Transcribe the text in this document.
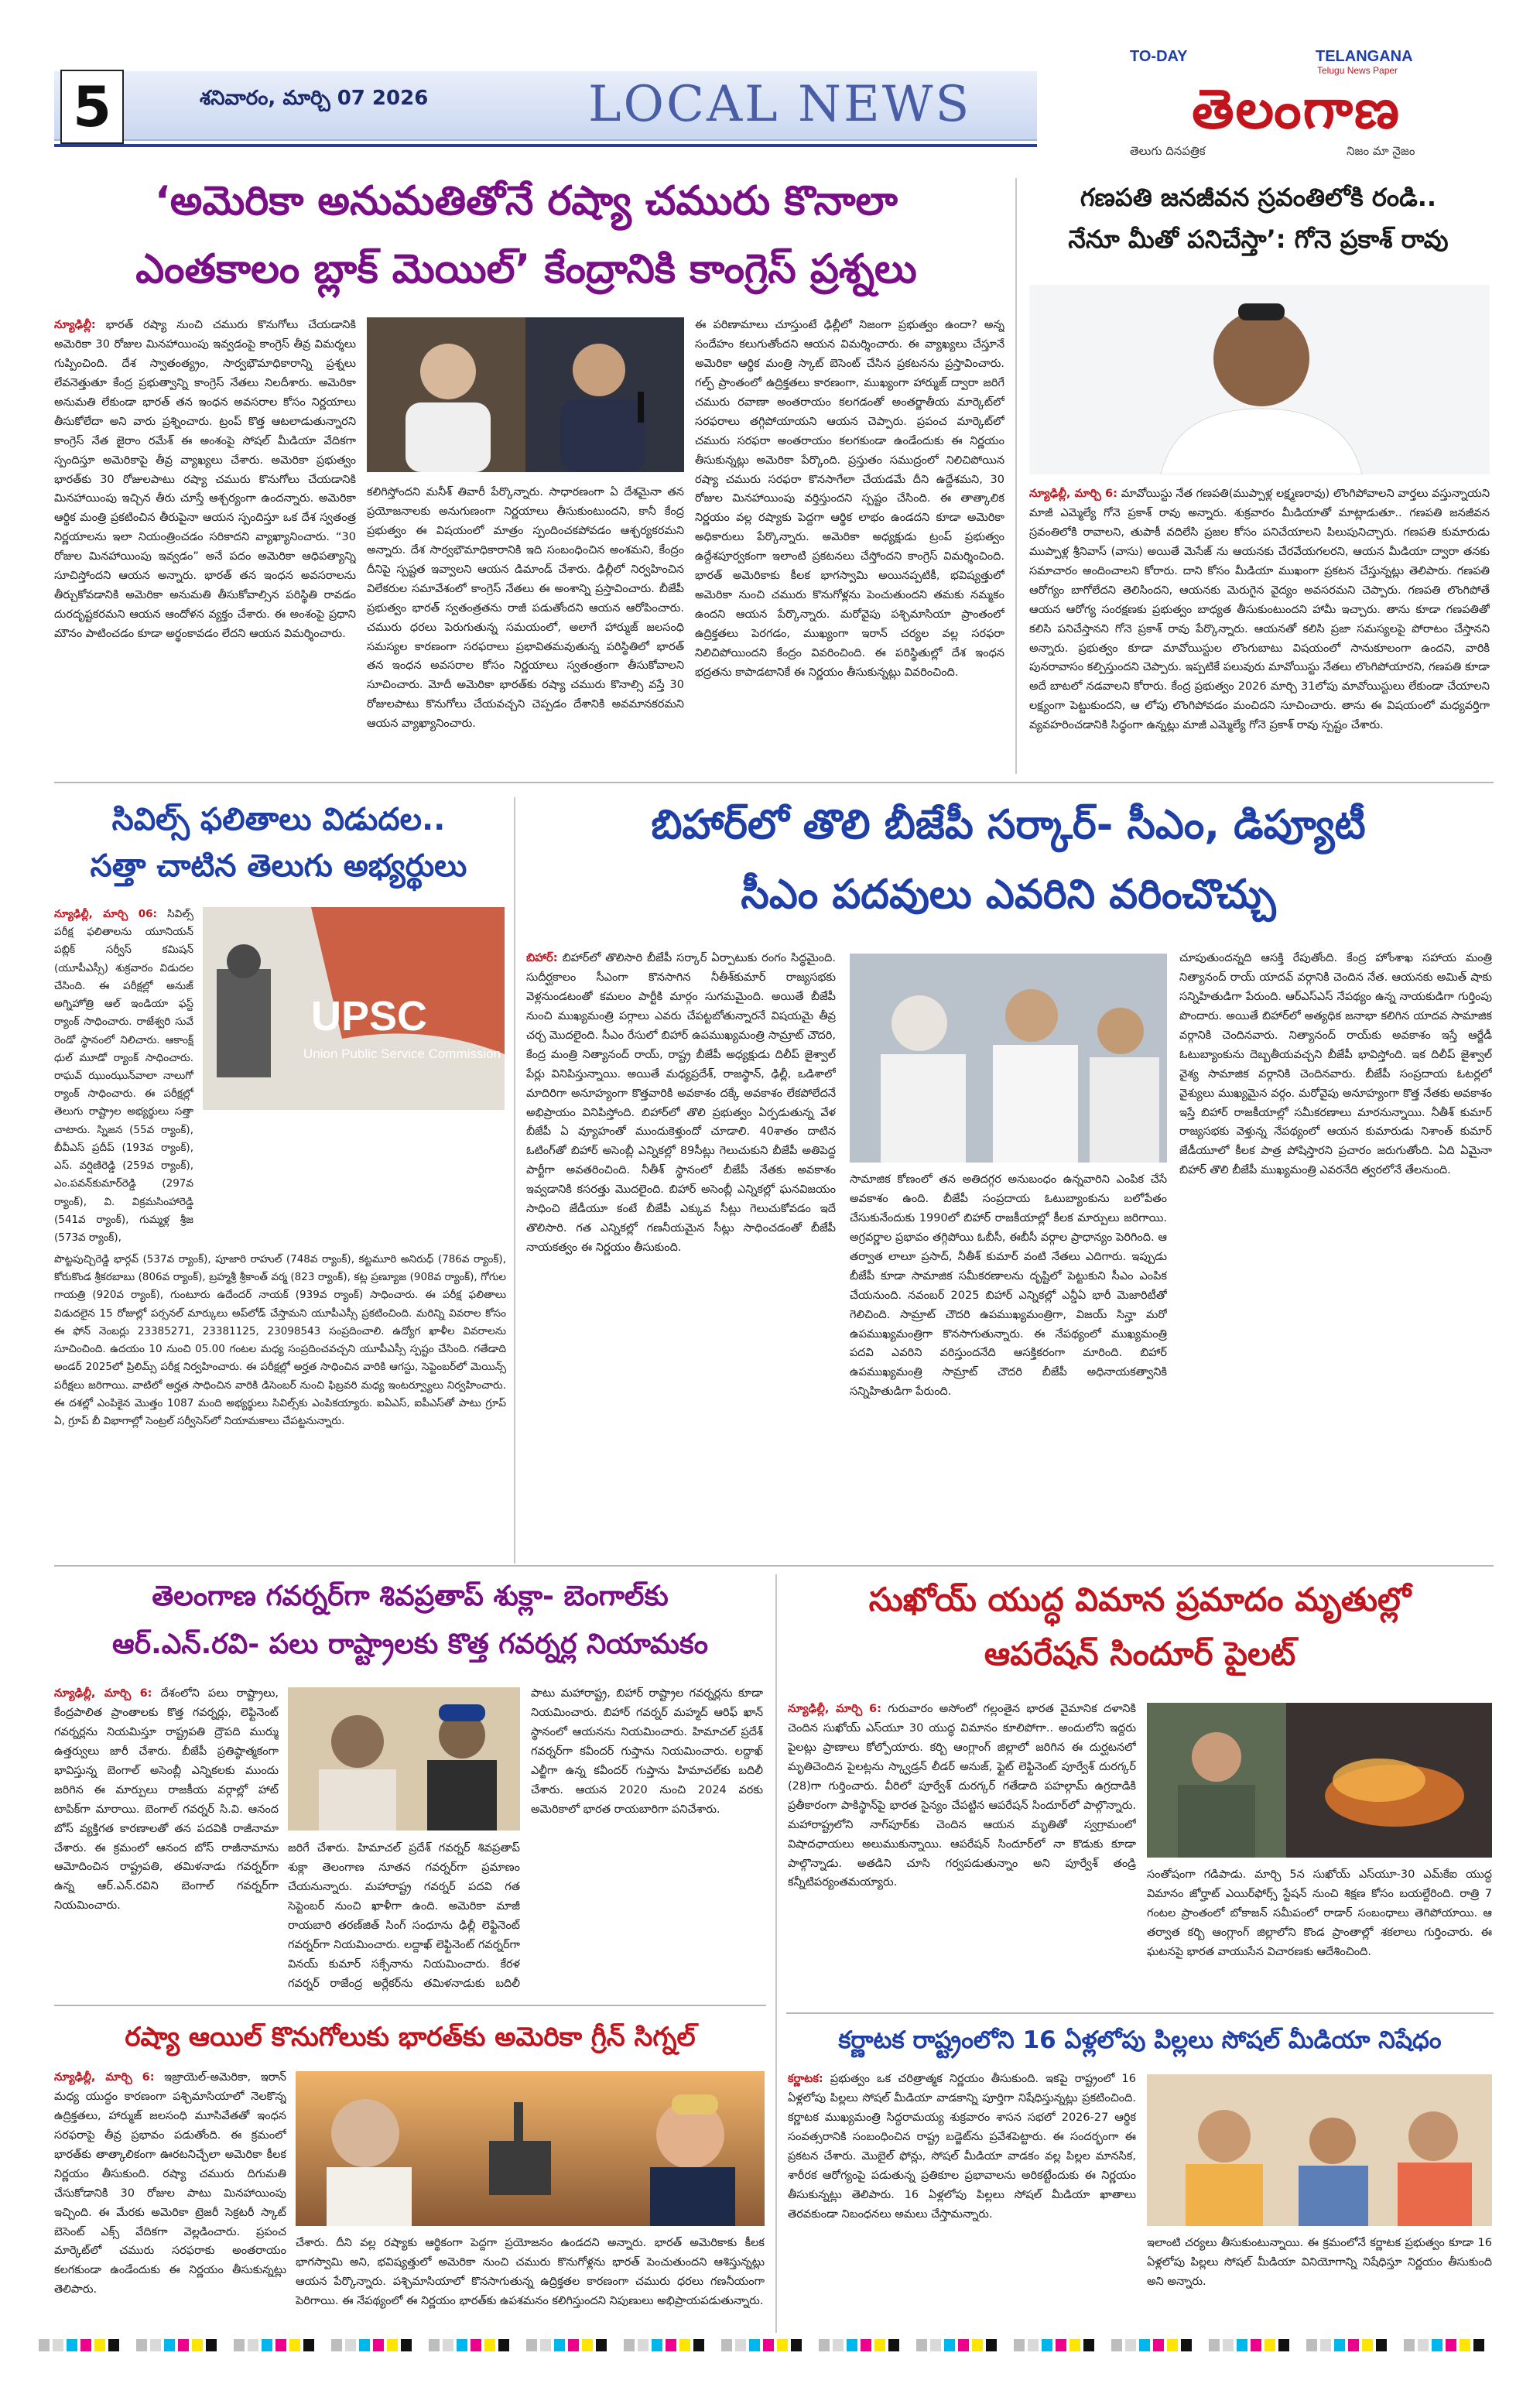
5	శనివారం, మార్చి 07 2026	LOCAL NEWS
TO-DAY	TELANGANA
Telugu News Paper
తెలంగాణ
తెలుగు దినపత్రిక	నిజం మా నైజం
‘అమెరికా అనుమతితోనే రష్యా చమురు కొనాలా
ఎంతకాలం బ్లాక్ మెయిల్’ కేంద్రానికి కాంగ్రెస్ ప్రశ్నలు
న్యూఢిల్లీ: భారత్ రష్యా నుంచి చమురు కొనుగోలు చేయడానికి అమెరికా 30 రోజుల మినహాయింపు ఇవ్వడంపై కాంగ్రెస్ తీవ్ర విమర్శలు గుప్పించింది. దేశ స్వాతంత్య్రం, సార్వభౌమాధికారాన్ని ప్రశ్నలు లేవనెత్తుతూ కేంద్ర ప్రభుత్వాన్ని కాంగ్రెస్ నేతలు నిలదీశారు. అమెరికా అనుమతి లేకుండా భారత్ తన ఇంధన అవసరాల కోసం నిర్ణయాలు తీసుకోలేదా అని వారు ప్రశ్నించారు. ట్రంప్ కొత్త ఆటలాడుతున్నారని కాంగ్రెస్ నేత జైరాం రమేశ్ ఈ అంశంపై సోషల్ మీడియా వేదికగా స్పందిస్తూ అమెరికాపై తీవ్ర వ్యాఖ్యలు చేశారు. అమెరికా ప్రభుత్వం భారత్‌కు 30 రోజులపాటు రష్యా చమురు కొనుగోలు చేయడానికి మినహాయింపు ఇచ్చిన తీరు చూస్తే ఆశ్చర్యంగా ఉందన్నారు. అమెరికా ఆర్థిక మంత్రి ప్రకటించిన తీరుపైనా ఆయన స్పందిస్తూ ఒక దేశ స్వతంత్ర నిర్ణయాలను ఇలా నియంత్రించడం సరికాదని వ్యాఖ్యానించారు. “30 రోజుల మినహాయింపు ఇవ్వడం” అనే పదం అమెరికా ఆధిపత్యాన్ని సూచిస్తోందని ఆయన అన్నారు. భారత్ తన ఇంధన అవసరాలను తీర్చుకోవడానికి అమెరికా అనుమతి తీసుకోవాల్సిన పరిస్థితి రావడం దురదృష్టకరమని ఆయన ఆందోళన వ్యక్తం చేశారు. ఈ అంశంపై ప్రధాని మౌనం పాటించడం కూడా అర్థంకావడం లేదని ఆయన విమర్శించారు.
కలిగిస్తోందని మనీశ్ తివారీ పేర్కొన్నారు. సాధారణంగా ఏ దేశమైనా తన ప్రయోజనాలకు అనుగుణంగా నిర్ణయాలు తీసుకుంటుందని, కానీ కేంద్ర ప్రభుత్వం ఈ విషయంలో మాత్రం స్పందించకపోవడం ఆశ్చర్యకరమని అన్నారు. దేశ సార్వభౌమాధికారానికి ఇది సంబంధించిన అంశమని, కేంద్రం దీనిపై స్పష్టత ఇవ్వాలని ఆయన డిమాండ్ చేశారు. ఢిల్లీలో నిర్వహించిన విలేకరుల సమావేశంలో కాంగ్రెస్ నేతలు ఈ అంశాన్ని ప్రస్తావించారు. బీజేపీ ప్రభుత్వం భారత్ స్వతంత్రతను రాజీ పడుతోందని ఆయన ఆరోపించారు. చమురు ధరలు పెరుగుతున్న సమయంలో, అలాగే హార్ముజ్ జలసంధి సమస్యల కారణంగా సరఫరాలు ప్రభావితమవుతున్న పరిస్థితిలో భారత్ తన ఇంధన అవసరాల కోసం నిర్ణయాలు స్వతంత్రంగా తీసుకోవాలని సూచించారు. మోదీ అమెరికా భారత్‌కు రష్యా చమురు కొనాల్సి వస్తే 30 రోజులపాటు కొనుగోలు చేయవచ్చని చెప్పడం దేశానికి అవమానకరమని ఆయన వ్యాఖ్యానించారు.
ఈ పరిణామాలు చూస్తుంటే ఢిల్లీలో నిజంగా ప్రభుత్వం ఉందా? అన్న సందేహం కలుగుతోందని ఆయన విమర్శించారు. ఈ వ్యాఖ్యలు చేస్తూనే అమెరికా ఆర్థిక మంత్రి స్కాట్ బెసెంట్ చేసిన ప్రకటనను ప్రస్తావించారు. గల్ఫ్ ప్రాంతంలో ఉద్రిక్తతలు కారణంగా, ముఖ్యంగా హార్ముజ్ ద్వారా జరిగే చమురు రవాణా అంతరాయం కలగడంతో అంతర్జాతీయ మార్కెట్‌లో సరఫరాలు తగ్గిపోయాయని ఆయన చెప్పారు. ప్రపంచ మార్కెట్‌లో చమురు సరఫరా అంతరాయం కలగకుండా ఉండేందుకు ఈ నిర్ణయం తీసుకున్నట్లు అమెరికా పేర్కొంది. ప్రస్తుతం సముద్రంలో నిలిచిపోయిన రష్యా చమురు సరఫరా కొనసాగేలా చేయడమే దీని ఉద్దేశమని, 30 రోజుల మినహాయింపు వర్తిస్తుందని స్పష్టం చేసింది. ఈ తాత్కాలిక నిర్ణయం వల్ల రష్యాకు పెద్దగా ఆర్థిక లాభం ఉండదని కూడా అమెరికా అధికారులు పేర్కొన్నారు. అమెరికా అధ్యక్షుడు ట్రంప్ ప్రభుత్వం ఉద్దేశపూర్వకంగా ఇలాంటి ప్రకటనలు చేస్తోందని కాంగ్రెస్ విమర్శించింది. భారత్ అమెరికాకు కీలక భాగస్వామి అయినప్పటికీ, భవిష్యత్తులో అమెరికా నుంచి చమురు కొనుగోళ్లను పెంచుతుందని తమకు నమ్మకం ఉందని ఆయన పేర్కొన్నారు. మరోవైపు పశ్చిమాసియా ప్రాంతంలో ఉద్రిక్తతలు పెరగడం, ముఖ్యంగా ఇరాన్ చర్యల వల్ల సరఫరా నిలిచిపోయిందని కేంద్రం వివరించింది. ఈ పరిస్థితుల్లో దేశ ఇంధన భద్రతను కాపాడటానికే ఈ నిర్ణయం తీసుకున్నట్లు వివరించింది.
గణపతి జనజీవన స్రవంతిలోకి రండి..
నేనూ మీతో పనిచేస్తా’: గోనె ప్రకాశ్ రావు
న్యూఢిల్లీ, మార్చి 6: మావోయిస్టు నేత గణపతి(ముప్పాళ్ల లక్ష్మణరావు) లొంగిపోవాలని వార్తలు వస్తున్నాయని మాజీ ఎమ్మెల్యే గోనె ప్రకాశ్ రావు అన్నారు. శుక్రవారం మీడియాతో మాట్లాడుతూ.. గణపతి జనజీవన స్రవంతిలోకి రావాలని, తుపాకీ వదిలేసి ప్రజల కోసం పనిచేయాలని పిలుపునిచ్చారు. గణపతి కుమారుడు ముప్పాళ్ల శ్రీనివాస్ (వాసు) అయితే మెసేజ్ ను ఆయనకు చేరవేయగలరని, ఆయన మీడియా ద్వారా తనకు సమాచారం అందించాలని కోరారు. దాని కోసం మీడియా ముఖంగా ప్రకటన చేస్తున్నట్లు తెలిపారు. గణపతి ఆరోగ్యం బాగోలేదని తెలిసిందని, ఆయనకు మెరుగైన వైద్యం అవసరమని చెప్పారు. గణపతి లొంగిపోతే ఆయన ఆరోగ్య సంరక్షణకు ప్రభుత్వం బాధ్యత తీసుకుంటుందని హామీ ఇచ్చారు. తాను కూడా గణపతితో కలిసి పనిచేస్తానని గోనె ప్రకాశ్ రావు పేర్కొన్నారు. ఆయనతో కలిసి ప్రజా సమస్యలపై పోరాటం చేస్తానని అన్నారు. ప్రభుత్వం కూడా మావోయిస్టుల లొంగుబాటు విషయంలో సానుకూలంగా ఉందని, వారికి పునరావాసం కల్పిస్తుందని చెప్పారు. ఇప్పటికే పలువురు మావోయిస్టు నేతలు లొంగిపోయారని, గణపతి కూడా అదే బాటలో నడవాలని కోరారు. కేంద్ర ప్రభుత్వం 2026 మార్చి 31లోపు మావోయిస్టులు లేకుండా చేయాలని లక్ష్యంగా పెట్టుకుందని, ఆ లోపు లొంగిపోవడం మంచిదని సూచించారు. తాను ఈ విషయంలో మధ్యవర్తిగా వ్యవహరించడానికి సిద్ధంగా ఉన్నట్లు మాజీ ఎమ్మెల్యే గోనె ప్రకాశ్ రావు స్పష్టం చేశారు.
సివిల్స్ ఫలితాలు విడుదల..
సత్తా చాటిన తెలుగు అభ్యర్థులు
న్యూఢిల్లీ, మార్చి 06: సివిల్స్ పరీక్ష ఫలితాలను యూనియన్ పబ్లిక్ సర్వీస్ కమిషన్ (యూపీఎస్సీ) శుక్రవారం విడుదల చేసింది. ఈ పరీక్షల్లో అనుజ్ అగ్నిహోత్రి ఆల్ ఇండియా ఫస్ట్ ర్యాంక్ సాధించారు. రాజేశ్వరి సువే రెండో స్థానంలో నిలిచారు. ఆకాంక్ష్ ధుల్ మూడో ర్యాంక్ సాధించారు. రాఘవ్ ఝుంఝున్‌వాలా నాలుగో ర్యాంక్ సాధించారు. ఈ పరీక్షల్లో తెలుగు రాష్ట్రాల అభ్యర్థులు సత్తా చాటారు. స్నిజన (55వ ర్యాంక్), బీవీఎస్ ప్రదీప్ (193వ ర్యాంక్), ఎస్. వర్షిణిరెడ్డి (259వ ర్యాంక్), ఎం.పవన్‌కుమార్‌రెడ్డి (297వ ర్యాంక్), వి. విక్రమసింహారెడ్డి (541వ ర్యాంక్), గుమ్మళ్ల శ్రీజ (573వ ర్యాంక్),
UPSC
Union Public Service Commission
పొట్టపుచ్చిరెడ్డి భార్గవ్ (537వ ర్యాంక్), పూజారి రాహుల్ (748వ ర్యాంక్), కట్టమూరి అనిరుధ్ (786వ ర్యాంక్), కోరుకొండ శ్రీకరబాబు (806వ ర్యాంక్), బ్రహ్మశ్రీ శ్రీకాంత్ వర్మ (823 ర్యాంక్), కట్ల ప్రణ్యూజ (908వ ర్యాంక్), గోగుల గాయత్రి (920వ ర్యాంక్), గుంటూరు ఉదేందర్ నాయక్ (939వ ర్యాంక్) సాధించారు. ఈ పరీక్ష ఫలితాలు విడుదలైన 15 రోజుల్లో పర్సనల్ మార్కులు అప్‌లోడ్ చేస్తామని యూపీఎస్సీ ప్రకటించింది. మరిన్ని వివరాల కోసం ఈ ఫోన్ నెంబర్లు 23385271, 23381125, 23098543 సంప్రదించాలి. ఉద్యోగ ఖాళీల వివరాలను సూచించింది. ఉదయం 10 నుంచి 05.00 గంటల మధ్య సంప్రదించవచ్చని యూపీఎస్సీ స్పష్టం చేసింది. గతేడాది అండర్ 2025లో ప్రిలిమ్స్ పరీక్ష నిర్వహించారు. ఈ పరీక్షల్లో అర్హత సాధించిన వారికి ఆగస్టు, సెప్టెంబర్‌లో మెయిన్స్ పరీక్షలు జరిగాయి. వాటిలో అర్హత సాధించిన వారికి డిసెంబర్ నుంచి ఫిబ్రవరి మధ్య ఇంటర్వ్యూలు నిర్వహించారు. ఈ దశల్లో ఎంపికైన మొత్తం 1087 మంది అభ్యర్థులు సివిల్స్‌కు ఎంపికయ్యారు. ఐఏఎస్, ఐపీఎస్‌తో పాటు గ్రూప్ ఏ, గ్రూప్ బీ విభాగాల్లో సెంట్రల్ సర్వీసెస్‌లో నియామకాలు చేపట్టనున్నారు.
బిహార్‌లో తొలి బీజేపీ సర్కార్- సీఎం, డిప్యూటీ
సీఎం పదవులు ఎవరిని వరించొచ్చు
బిహార్: బిహార్‌లో తొలిసారి బీజేపీ సర్కార్ ఏర్పాటుకు రంగం సిద్ధమైంది. సుదీర్ఘకాలం సీఎంగా కొనసాగిన నీతీశ్‌కుమార్ రాజ్యసభకు వెళ్లనుండటంతో కమలం పార్టీకి మార్గం సుగమమైంది. అయితే బీజేపీ నుంచి ముఖ్యమంత్రి పగ్గాలు ఎవరు చేపట్టబోతున్నారనే విషయమై తీవ్ర చర్చ మొదలైంది. సీఎం రేసులో బిహార్ ఉపముఖ్యమంత్రి సామ్రాట్ చౌదరి, కేంద్ర మంత్రి నిత్యానంద్ రాయ్, రాష్ట్ర బీజేపీ అధ్యక్షుడు దిలీప్ జైశ్వాల్ పేర్లు వినిపిస్తున్నాయి. అయితే మధ్యప్రదేశ్, రాజస్థాన్, ఢిల్లీ, ఒడిశాలో మాదిరిగా అనూహ్యంగా కొత్తవారికి అవకాశం దక్కే అవకాశం లేకపోలేదనే అభిప్రాయం వినిపిస్తోంది. బిహార్‌లో తొలి ప్రభుత్వం ఏర్పడుతున్న వేళ బీజేపీ ఏ వ్యూహంతో ముందుకెళ్తుందో చూడాలి. 40శాతం దాటిన ఓటింగ్‌తో బిహార్ అసెంబ్లీ ఎన్నికల్లో 89సీట్లు గెలుచుకుని బీజేపీ అతిపెద్ద పార్టీగా అవతరించింది. నీతీశ్ స్థానంలో బీజేపీ నేతకు అవకాశం ఇవ్వడానికి కసరత్తు మొదలైంది. బిహార్ అసెంబ్లీ ఎన్నికల్లో ఘనవిజయం సాధించి జేడీయూ కంటే బీజేపీ ఎక్కువ సీట్లు గెలుచుకోవడం ఇదే తొలిసారి. గత ఎన్నికల్లో గణనీయమైన సీట్లు సాధించడంతో బీజేపీ నాయకత్వం ఈ నిర్ణయం తీసుకుంది.
సామాజిక కోణంలో తన అతిదగ్గర అనుబంధం ఉన్నవారిని ఎంపిక చేసే అవకాశం ఉంది. బీజేపీ సంప్రదాయ ఓటుబ్యాంకును బలోపేతం చేసుకునేందుకు 1990లో బిహార్ రాజకీయాల్లో కీలక మార్పులు జరిగాయి. అగ్రవర్ణాల ప్రభావం తగ్గిపోయి ఓబీసీ, ఈబీసీ వర్గాల ప్రాధాన్యం పెరిగింది. ఆ తర్వాత లాలూ ప్రసాద్, నీతీశ్ కుమార్ వంటి నేతలు ఎదిగారు. ఇప్పుడు బీజేపీ కూడా సామాజిక సమీకరణాలను దృష్టిలో పెట్టుకుని సీఎం ఎంపిక చేయనుంది. నవంబర్ 2025 బిహార్ ఎన్నికల్లో ఎన్డీఏ భారీ మెజారిటీతో గెలిచింది. సామ్రాట్ చౌదరి ఉపముఖ్యమంత్రిగా, విజయ్ సిన్హా మరో ఉపముఖ్యమంత్రిగా కొనసాగుతున్నారు. ఈ నేపథ్యంలో ముఖ్యమంత్రి పదవి ఎవరిని వరిస్తుందనేది ఆసక్తికరంగా మారింది. బిహార్ ఉపముఖ్యమంత్రి సామ్రాట్ చౌదరి బీజేపీ అధినాయకత్వానికి సన్నిహితుడిగా పేరుంది.
చూపుతుందన్నది ఆసక్తి రేపుతోంది. కేంద్ర హోంశాఖ సహాయ మంత్రి నిత్యానంద్ రాయ్ యాదవ్ వర్గానికి చెందిన నేత. ఆయనకు అమిత్ షాకు సన్నిహితుడిగా పేరుంది. ఆర్ఎస్ఎస్ నేపథ్యం ఉన్న నాయకుడిగా గుర్తింపు పొందారు. అయితే బిహార్‌లో అత్యధిక జనాభా కలిగిన యాదవ సామాజిక వర్గానికి చెందినవారు. నిత్యానంద్ రాయ్‌కు అవకాశం ఇస్తే ఆర్జేడీ ఓటుబ్యాంకును దెబ్బతీయవచ్చని బీజేపీ భావిస్తోంది. ఇక దిలీప్ జైశ్వాల్ వైశ్య సామాజిక వర్గానికి చెందినవారు. బీజేపీ సంప్రదాయ ఓటర్లలో వైశ్యులు ముఖ్యమైన వర్గం. మరోవైపు అనూహ్యంగా కొత్త నేతకు అవకాశం ఇస్తే బిహార్ రాజకీయాల్లో సమీకరణాలు మారనున్నాయి. నీతీశ్ కుమార్ రాజ్యసభకు వెళ్తున్న నేపథ్యంలో ఆయన కుమారుడు నిశాంత్ కుమార్ జేడీయూలో కీలక పాత్ర పోషిస్తారని ప్రచారం జరుగుతోంది. ఏది ఏమైనా బిహార్ తొలి బీజేపీ ముఖ్యమంత్రి ఎవరనేది త్వరలోనే తేలనుంది.
తెలంగాణ గవర్నర్‌గా శివప్రతాప్ శుక్లా- బెంగాల్‌కు
ఆర్.ఎన్.రవి- పలు రాష్ట్రాలకు కొత్త గవర్నర్ల నియామకం
న్యూఢిల్లీ, మార్చి 6: దేశంలోని పలు రాష్ట్రాలు, కేంద్రపాలిత ప్రాంతాలకు కొత్త గవర్నర్లు, లెఫ్టినెంట్ గవర్నర్లను నియమిస్తూ రాష్ట్రపతి ద్రౌపది ముర్ము ఉత్తర్వులు జారీ చేశారు. బీజేపీ ప్రతిష్ఠాత్మకంగా భావిస్తున్న బెంగాల్ అసెంబ్లీ ఎన్నికలకు ముందు జరిగిన ఈ మార్పులు రాజకీయ వర్గాల్లో హాట్ టాపిక్‌గా మారాయి. బెంగాల్ గవర్నర్ సి.వి. ఆనంద బోస్ వ్యక్తిగత కారణాలతో తన పదవికి రాజీనామా చేశారు. ఈ క్రమంలో ఆనంద బోస్ రాజీనామాను ఆమోదించిన రాష్ట్రపతి, తమిళనాడు గవర్నర్‌గా ఉన్న ఆర్.ఎన్.రవిని బెంగాల్ గవర్నర్‌గా నియమించారు.
జరిగే చేశారు. హిమాచల్ ప్రదేశ్ గవర్నర్ శివప్రతాప్ శుక్లా తెలంగాణ నూతన గవర్నర్‌గా ప్రమాణం చేయనున్నారు. మహారాష్ట్ర గవర్నర్ పదవి గత సెప్టెంబర్ నుంచి ఖాళీగా ఉంది. అమెరికా మాజీ రాయబారి తరణ్‌జిత్ సింగ్ సంధూను ఢిల్లీ లెఫ్టినెంట్ గవర్నర్‌గా నియమించారు. లద్దాఖ్ లెఫ్టినెంట్ గవర్నర్‌గా వినయ్ కుమార్ సక్సేనాను నియమించారు. కేరళ గవర్నర్ రాజేంద్ర అర్లేకర్‌ను తమిళనాడుకు బదిలీ
పాటు మహారాష్ట్ర, బిహార్ రాష్ట్రాల గవర్నర్లను కూడా నియమించారు. బిహార్ గవర్నర్ మహ్మద్ ఆరిఫ్ ఖాన్ స్థానంలో ఆయనను నియమించారు. హిమాచల్ ప్రదేశ్ గవర్నర్‌గా కవీందర్ గుప్తాను నియమించారు. లద్దాఖ్ ఎల్జీగా ఉన్న కవీందర్ గుప్తాను హిమాచల్‌కు బదిలీ చేశారు. ఆయన 2020 నుంచి 2024 వరకు అమెరికాలో భారత రాయబారిగా పనిచేశారు.
రష్యా ఆయిల్ కొనుగోలుకు భారత్‌కు అమెరికా గ్రీన్ సిగ్నల్
న్యూఢిల్లీ, మార్చి 6: ఇజ్రాయెల్-అమెరికా, ఇరాన్ మధ్య యుద్ధం కారణంగా పశ్చిమాసియాలో నెలకొన్న ఉద్రిక్తతలు, హార్ముజ్ జలసంధి మూసివేతతో ఇంధన సరఫరాపై తీవ్ర ప్రభావం పడుతోంది. ఈ క్రమంలో భారత్‌కు తాత్కాలికంగా ఊరటనిచ్చేలా అమెరికా కీలక నిర్ణయం తీసుకుంది. రష్యా చమురు దిగుమతి చేసుకోడానికి 30 రోజుల పాటు మినహాయింపు ఇచ్చింది. ఈ మేరకు అమెరికా ట్రెజరీ సెక్రటరీ స్కాట్ బెసెంట్ ఎక్స్ వేదికగా వెల్లడించారు. ప్రపంచ మార్కెట్‌లో చమురు సరఫరాకు అంతరాయం కలగకుండా ఉండేందుకు ఈ నిర్ణయం తీసుకున్నట్లు తెలిపారు.
చేశారు. దీని వల్ల రష్యాకు ఆర్థికంగా పెద్దగా ప్రయోజనం ఉండదని అన్నారు. భారత్ అమెరికాకు కీలక భాగస్వామి అని, భవిష్యత్తులో అమెరికా నుంచి చమురు కొనుగోళ్లను భారత్ పెంచుతుందని ఆశిస్తున్నట్లు ఆయన పేర్కొన్నారు. పశ్చిమాసియాలో కొనసాగుతున్న ఉద్రిక్తతల కారణంగా చమురు ధరలు గణనీయంగా పెరిగాయి. ఈ నేపథ్యంలో ఈ నిర్ణయం భారత్‌కు ఉపశమనం కలిగిస్తుందని నిపుణులు అభిప్రాయపడుతున్నారు.
సుఖోయ్ యుద్ధ విమాన ప్రమాదం మృతుల్లో
ఆపరేషన్ సిందూర్ పైలట్
న్యూఢిల్లీ, మార్చి 6: గురువారం అసోంలో గల్లంతైన భారత వైమానిక దళానికి చెందిన సుఖోయ్ ఎస్‌యూ 30 యుద్ధ విమానం కూలిపోగా.. అందులోని ఇద్దరు పైలట్లు ప్రాణాలు కోల్పోయారు. కర్బి ఆంగ్లాంగ్ జిల్లాలో జరిగిన ఈ దుర్ఘటనలో మృతిచెందిన పైలట్లను స్క్వాడ్రన్ లీడర్ అనుజ్, ఫ్లైట్ లెఫ్టినెంట్ పూర్వేశ్ దురగ్కర్ (28)గా గుర్తించారు. వీరిలో పూర్వేశ్ దురగ్కర్ గతేడాది పహల్గామ్ ఉగ్రదాడికి ప్రతీకారంగా పాకిస్థాన్‌పై భారత సైన్యం చేపట్టిన ఆపరేషన్ సిందూర్‌లో పాల్గొన్నారు. మహారాష్ట్రలోని నాగ్‌పూర్‌కు చెందిన ఆయన మృతితో స్వగ్రామంలో విషాదఛాయలు అలుముకున్నాయి. ఆపరేషన్ సిందూర్‌లో నా కొడుకు కూడా పాల్గొన్నాడు. అతడిని చూసి గర్వపడుతున్నాం అని పూర్వేశ్ తండ్రి కన్నీటిపర్యంతమయ్యారు.
సంతోషంగా గడిపాడు. మార్చి 5న సుఖోయ్ ఎస్‌యూ-30 ఎమ్‌కేఐ యుద్ధ విమానం జోర్హాట్ ఎయిర్‌ఫోర్స్ స్టేషన్ నుంచి శిక్షణ కోసం బయల్దేరింది. రాత్రి 7 గంటల ప్రాంతంలో బోకాజన్ సమీపంలో రాడార్ సంబంధాలు తెగిపోయాయి. ఆ తర్వాత కర్బి ఆంగ్లాంగ్ జిల్లాలోని కొండ ప్రాంతాల్లో శకలాలు గుర్తించారు. ఈ ఘటనపై భారత వాయుసేన విచారణకు ఆదేశించింది.
కర్ణాటక రాష్ట్రంలోని 16 ఏళ్లలోపు పిల్లలు సోషల్ మీడియా నిషేధం
కర్ణాటక: ప్రభుత్వం ఒక చరిత్రాత్మక నిర్ణయం తీసుకుంది. ఇకపై రాష్ట్రంలో 16 ఏళ్లలోపు పిల్లలు సోషల్ మీడియా వాడకాన్ని పూర్తిగా నిషేధిస్తున్నట్లు ప్రకటించింది. కర్ణాటక ముఖ్యమంత్రి సిద్ధరామయ్య శుక్రవారం శాసన సభలో 2026-27 ఆర్థిక సంవత్సరానికి సంబంధించిన రాష్ట్ర బడ్జెట్‌ను ప్రవేశపెట్టారు. ఈ సందర్భంగా ఈ ప్రకటన చేశారు. మొబైల్ ఫోన్లు, సోషల్ మీడియా వాడకం వల్ల పిల్లల మానసిక, శారీరక ఆరోగ్యంపై పడుతున్న ప్రతికూల ప్రభావాలను అరికట్టేందుకు ఈ నిర్ణయం తీసుకున్నట్లు తెలిపారు. 16 ఏళ్లలోపు పిల్లలు సోషల్ మీడియా ఖాతాలు తెరవకుండా నిబంధనలు అమలు చేస్తామన్నారు.
ఇలాంటి చర్యలు తీసుకుంటున్నాయి. ఈ క్రమంలోనే కర్ణాటక ప్రభుత్వం కూడా 16 ఏళ్లలోపు పిల్లలు సోషల్ మీడియా వినియోగాన్ని నిషేధిస్తూ నిర్ణయం తీసుకుంది అని అన్నారు.
